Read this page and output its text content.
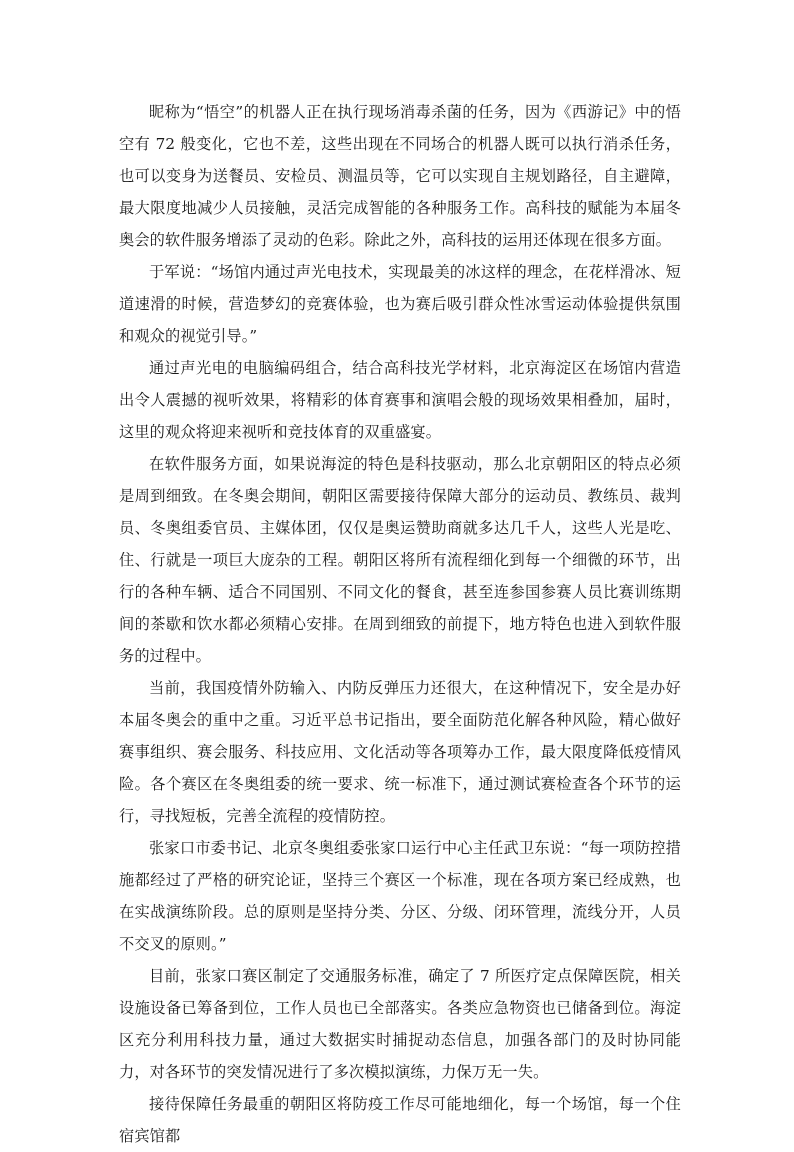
昵称为“悟空”的机器人正在执行现场消毒杀菌的任务，因为《西游记》中的悟空有 72 般变化，它也不差，这些出现在不同场合的机器人既可以执行消杀任务，也可以变身为送餐员、安检员、测温员等，它可以实现自主规划路径，自主避障，最大限度地减少人员接触，灵活完成智能的各种服务工作。高科技的赋能为本届冬奥会的软件服务增添了灵动的色彩。除此之外，高科技的运用还体现在很多方面。

于军说：“场馆内通过声光电技术，实现最美的冰这样的理念，在花样滑冰、短道速滑的时候，营造梦幻的竞赛体验，也为赛后吸引群众性冰雪运动体验提供氛围和观众的视觉引导。”

通过声光电的电脑编码组合，结合高科技光学材料，北京海淀区在场馆内营造出令人震撼的视听效果，将精彩的体育赛事和演唱会般的现场效果相叠加，届时，这里的观众将迎来视听和竞技体育的双重盛宴。

在软件服务方面，如果说海淀的特色是科技驱动，那么北京朝阳区的特点必须是周到细致。在冬奥会期间，朝阳区需要接待保障大部分的运动员、教练员、裁判员、冬奥组委官员、主媒体团，仅仅是奥运赞助商就多达几千人，这些人光是吃、住、行就是一项巨大庞杂的工程。朝阳区将所有流程细化到每一个细微的环节，出行的各种车辆、适合不同国别、不同文化的餐食，甚至连参国参赛人员比赛训练期间的茶歇和饮水都必须精心安排。在周到细致的前提下，地方特色也进入到软件服务的过程中。

当前，我国疫情外防输入、内防反弹压力还很大，在这种情况下，安全是办好本届冬奥会的重中之重。习近平总书记指出，要全面防范化解各种风险，精心做好赛事组织、赛会服务、科技应用、文化活动等各项筹办工作，最大限度降低疫情风险。各个赛区在冬奥组委的统一要求、统一标准下，通过测试赛检查各个环节的运行，寻找短板，完善全流程的疫情防控。

张家口市委书记、北京冬奥组委张家口运行中心主任武卫东说：“每一项防控措施都经过了严格的研究论证，坚持三个赛区一个标准，现在各项方案已经成熟，也在实战演练阶段。总的原则是坚持分类、分区、分级、闭环管理，流线分开，人员不交叉的原则。”

目前，张家口赛区制定了交通服务标准，确定了 7 所医疗定点保障医院，相关设施设备已筹备到位，工作人员也已全部落实。各类应急物资也已储备到位。海淀区充分利用科技力量，通过大数据实时捕捉动态信息，加强各部门的及时协同能力，对各环节的突发情况进行了多次模拟演练，力保万无一失。

接待保障任务最重的朝阳区将防疫工作尽可能地细化，每一个场馆，每一个住宿宾馆都
